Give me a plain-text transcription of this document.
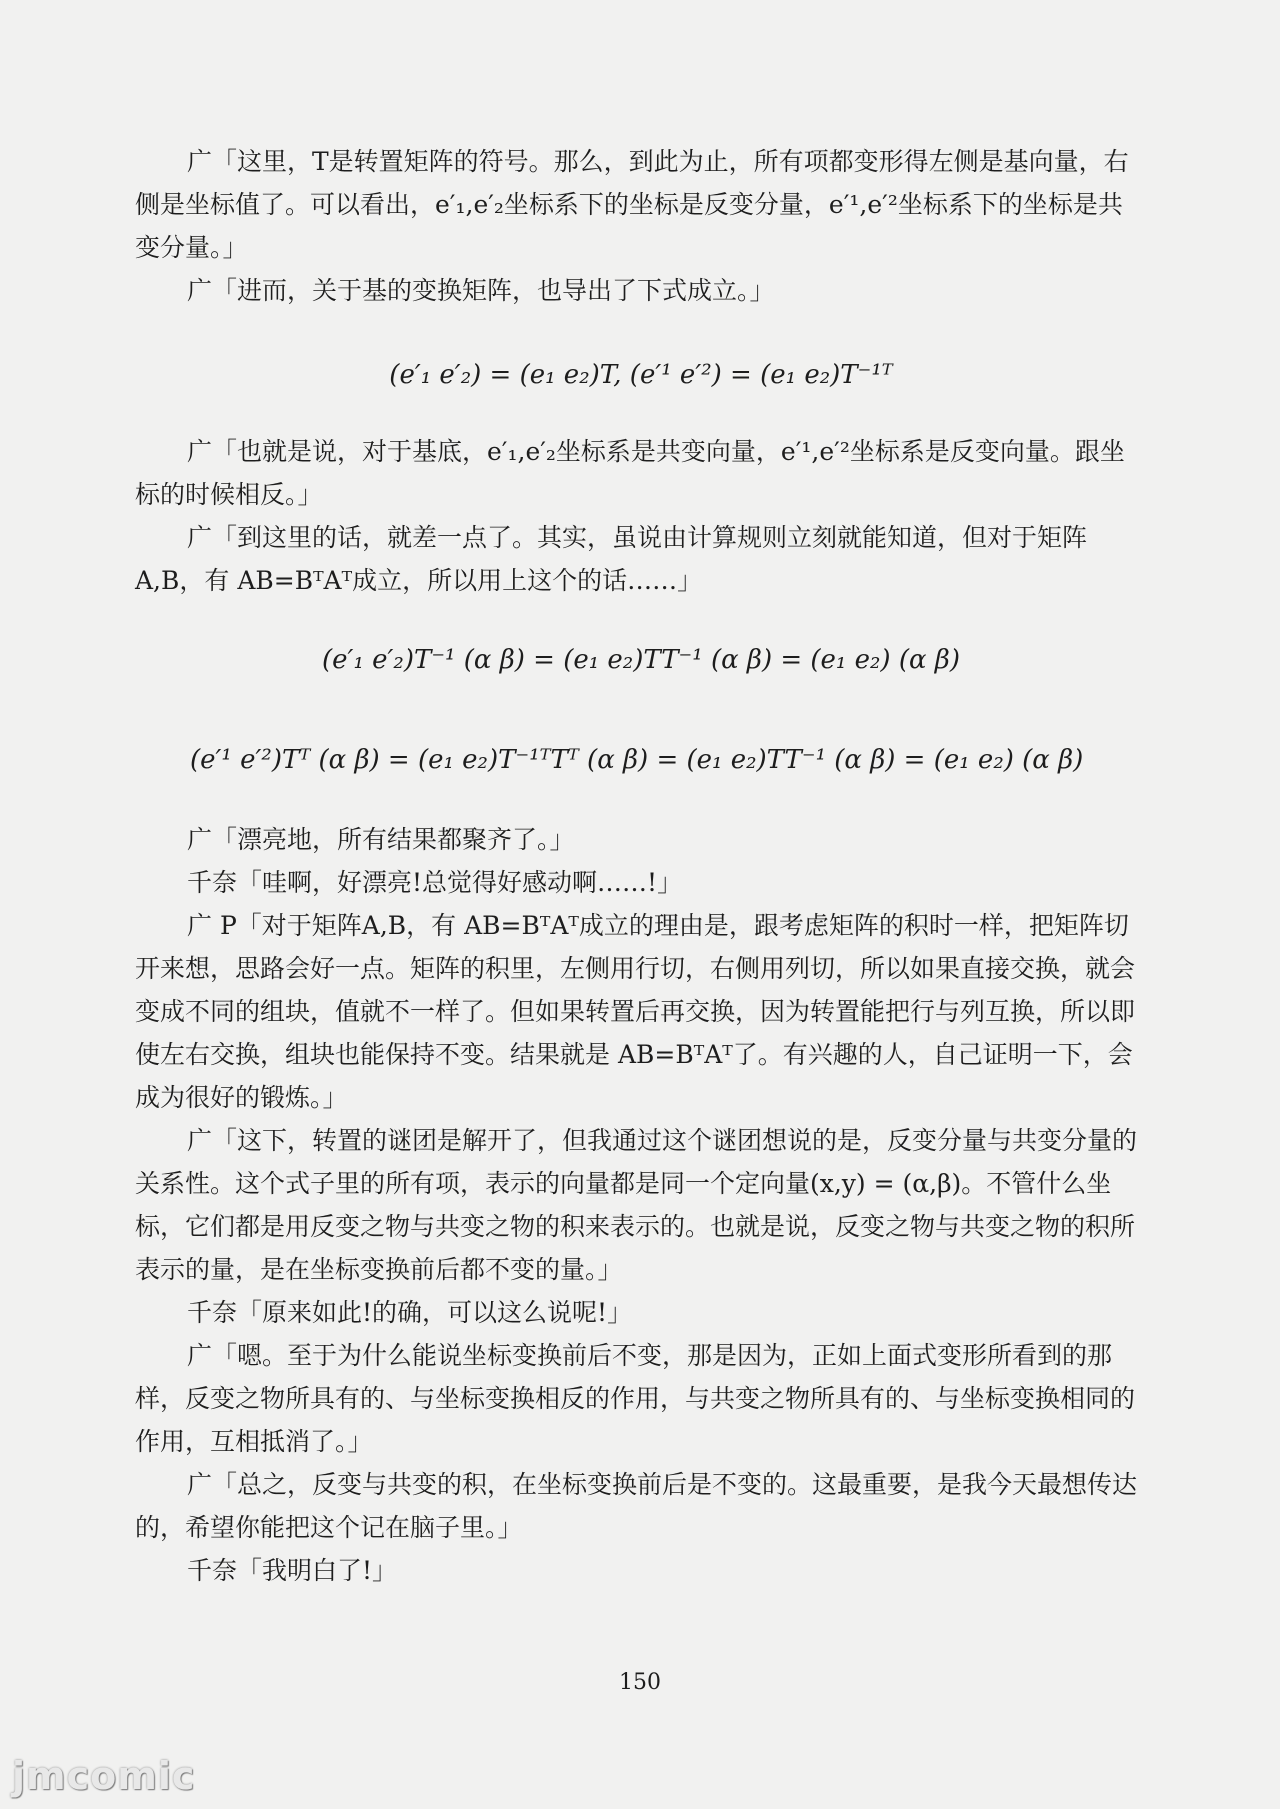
广「这里，T是转置矩阵的符号。那么，到此为止，所有项都变形得左侧是基向量，右侧是坐标值了。可以看出，e′₁,e′₂坐标系下的坐标是反变分量，e′¹,e′²坐标系下的坐标是共变分量。」

广「进而，关于基的变换矩阵，也导出了下式成立。」

(e′₁ e′₂) = (e₁ e₂)T, (e′¹ e′²) = (e₁ e₂)T⁻¹ᵀ

广「也就是说，对于基底，e′₁,e′₂坐标系是共变向量，e′¹,e′²坐标系是反变向量。跟坐标的时候相反。」

广「到这里的话，就差一点了。其实，虽说由计算规则立刻就能知道，但对于矩阵A,B，有 AB=BᵀAᵀ成立，所以用上这个的话……」

(e′₁ e′₂)T⁻¹ (α β) = (e₁ e₂)TT⁻¹ (α β) = (e₁ e₂) (α β)
(e′¹ e′²)Tᵀ (α β) = (e₁ e₂)T⁻¹ᵀTᵀ (α β) = (e₁ e₂)TT⁻¹ (α β) = (e₁ e₂) (α β)

广「漂亮地，所有结果都聚齐了。」

千奈「哇啊，好漂亮!总觉得好感动啊……!」

广 P「对于矩阵A,B，有 AB=BᵀAᵀ成立的理由是，跟考虑矩阵的积时一样，把矩阵切开来想，思路会好一点。矩阵的积里，左侧用行切，右侧用列切，所以如果直接交换，就会变成不同的组块，值就不一样了。但如果转置后再交换，因为转置能把行与列互换，所以即使左右交换，组块也能保持不变。结果就是 AB=BᵀAᵀ了。有兴趣的人，自己证明一下，会成为很好的锻炼。」

广「这下，转置的谜团是解开了，但我通过这个谜团想说的是，反变分量与共变分量的关系性。这个式子里的所有项，表示的向量都是同一个定向量(x,y) = (α,β)。不管什么坐标，它们都是用反变之物与共变之物的积来表示的。也就是说，反变之物与共变之物的积所表示的量，是在坐标变换前后都不变的量。」

千奈「原来如此!的确，可以这么说呢!」

广「嗯。至于为什么能说坐标变换前后不变，那是因为，正如上面式变形所看到的那样，反变之物所具有的、与坐标变换相反的作用，与共变之物所具有的、与坐标变换相同的作用，互相抵消了。」

广「总之，反变与共变的积，在坐标变换前后是不变的。这最重要，是我今天最想传达的，希望你能把这个记在脑子里。」

千奈「我明白了!」

150
jmcomic
